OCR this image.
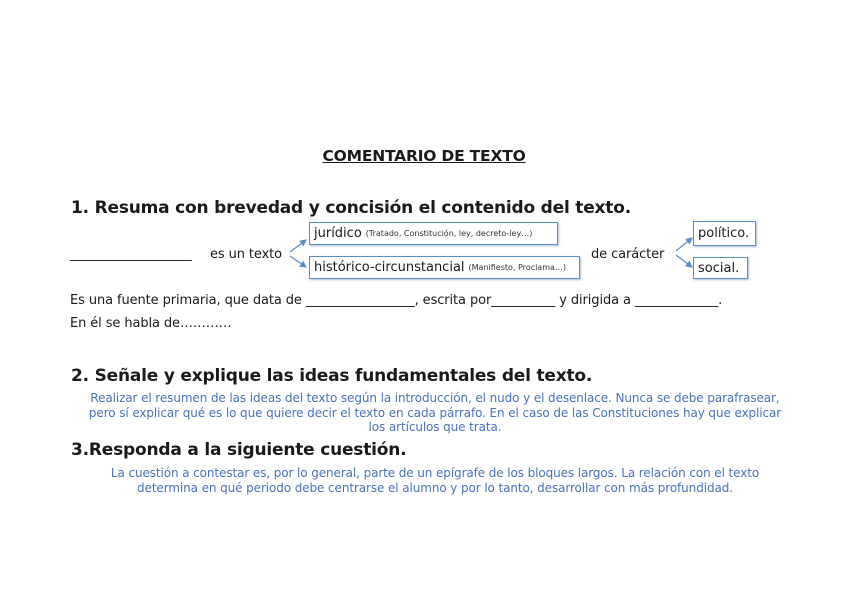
COMENTARIO DE TEXTO
1. Resuma con brevedad y concisión el contenido del texto.
___________________ es un texto
jurídico (Tratado, Constitución, ley, decreto-ley…)
histórico-circunstancial (Manifiesto, Proclama…)
de carácter
político.
social.
Es una fuente primaria, que data de _________________, escrita por__________ y dirigida a _____________.
En él se habla de…………
2. Señale y explique las ideas fundamentales del texto.
Realizar el resumen de las ideas del texto según la introducción, el nudo y el desenlace. Nunca se debe parafrasear,
pero sí explicar qué es lo que quiere decir el texto en cada párrafo. En el caso de las Constituciones hay que explicar
los artículos que trata.
3.Responda a la siguiente cuestión.
La cuestión a contestar es, por lo general, parte de un epígrafe de los bloques largos. La relación con el texto
determina en qué periodo debe centrarse el alumno y por lo tanto, desarrollar con más profundidad.
